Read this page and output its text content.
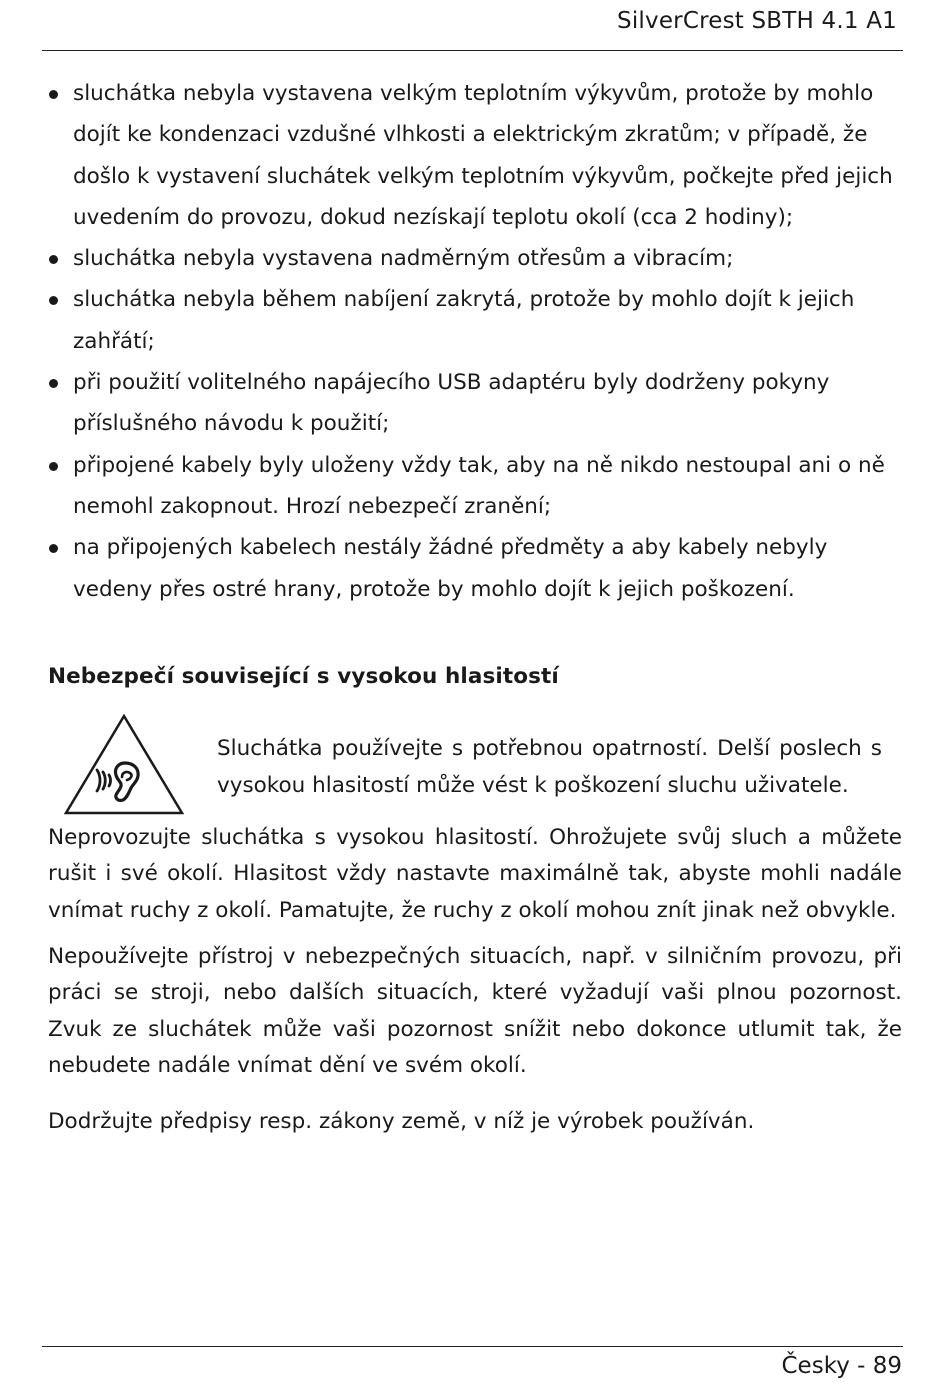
SilverCrest SBTH 4.1 A1
sluchátka nebyla vystavena velkým teplotním výkyvům, protože by mohlo dojít ke kondenzaci vzdušné vlhkosti a elektrickým zkratům; v případě, že došlo k vystavení sluchátek velkým teplotním výkyvům, počkejte před jejich uvedením do provozu, dokud nezískají teplotu okolí (cca 2 hodiny);
sluchátka nebyla vystavena nadměrným otřesům a vibracím;
sluchátka nebyla během nabíjení zakrytá, protože by mohlo dojít k jejich zahřátí;
při použití volitelného napájecího USB adaptéru byly dodrženy pokyny příslušného návodu k použití;
připojené kabely byly uloženy vždy tak, aby na ně nikdo nestoupal ani o ně nemohl zakopnout. Hrozí nebezpečí zranění;
na připojených kabelech nestály žádné předměty a aby kabely nebyly vedeny přes ostré hrany, protože by mohlo dojít k jejich poškození.
Nebezpečí související s vysokou hlasitostí
Sluchátka používejte s potřebnou opatrností. Delší poslech s vysokou hlasitostí může vést k poškození sluchu uživatele.
Neprovozujte sluchátka s vysokou hlasitostí. Ohrožujete svůj sluch a můžete rušit i své okolí. Hlasitost vždy nastavte maximálně tak, abyste mohli nadále vnímat ruchy z okolí. Pamatujte, že ruchy z okolí mohou znít jinak než obvykle.
Nepoužívejte přístroj v nebezpečných situacích, např. v silničním provozu, při práci se stroji, nebo dalších situacích, které vyžadují vaši plnou pozornost. Zvuk ze sluchátek může vaši pozornost snížit nebo dokonce utlumit tak, že nebudete nadále vnímat dění ve svém okolí.
Dodržujte předpisy resp. zákony země, v níž je výrobek používán.
Česky - 89
